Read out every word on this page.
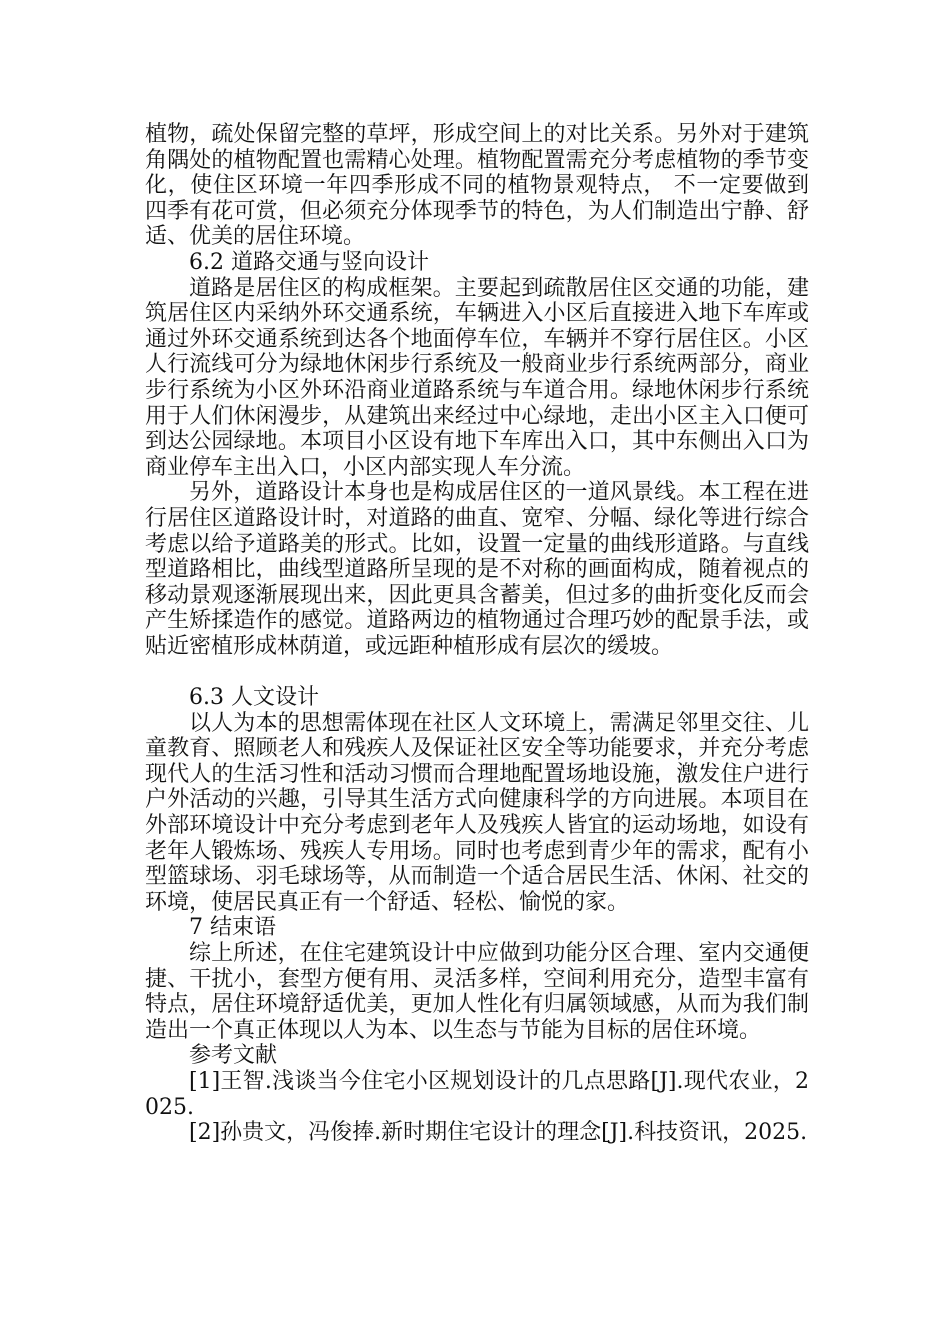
植物，疏处保留完整的草坪，形成空间上的对比关系。另外对于建筑角隅处的植物配置也需精心处理。植物配置需充分考虑植物的季节变化，使住区环境一年四季形成不同的植物景观特点， 不一定要做到四季有花可赏，但必须充分体现季节的特色，为人们制造出宁静、舒适、优美的居住环境。

6.2 道路交通与竖向设计

道路是居住区的构成框架。主要起到疏散居住区交通的功能，建筑居住区内采纳外环交通系统，车辆进入小区后直接进入地下车库或通过外环交通系统到达各个地面停车位，车辆并不穿行居住区。小区人行流线可分为绿地休闲步行系统及一般商业步行系统两部分，商业步行系统为小区外环沿商业道路系统与车道合用。绿地休闲步行系统用于人们休闲漫步，从建筑出来经过中心绿地，走出小区主入口便可到达公园绿地。本项目小区设有地下车库出入口，其中东侧出入口为商业停车主出入口，小区内部实现人车分流。

另外，道路设计本身也是构成居住区的一道风景线。本工程在进行居住区道路设计时，对道路的曲直、宽窄、分幅、绿化等进行综合考虑以给予道路美的形式。比如，设置一定量的曲线形道路。与直线型道路相比，曲线型道路所呈现的是不对称的画面构成，随着视点的移动景观逐渐展现出来，因此更具含蓄美，但过多的曲折变化反而会产生矫揉造作的感觉。道路两边的植物通过合理巧妙的配景手法，或贴近密植形成林荫道，或远距种植形成有层次的缓坡。

6.3 人文设计

以人为本的思想需体现在社区人文环境上，需满足邻里交往、儿童教育、照顾老人和残疾人及保证社区安全等功能要求，并充分考虑现代人的生活习性和活动习惯而合理地配置场地设施，激发住户进行户外活动的兴趣，引导其生活方式向健康科学的方向进展。本项目在外部环境设计中充分考虑到老年人及残疾人皆宜的运动场地，如设有老年人锻炼场、残疾人专用场。同时也考虑到青少年的需求，配有小型篮球场、羽毛球场等，从而制造一个适合居民生活、休闲、社交的环境，使居民真正有一个舒适、轻松、愉悦的家。

7 结束语

综上所述，在住宅建筑设计中应做到功能分区合理、室内交通便捷、干扰小，套型方便有用、灵活多样，空间利用充分，造型丰富有特点，居住环境舒适优美，更加人性化有归属领域感，从而为我们制造出一个真正体现以人为本、以生态与节能为目标的居住环境。

参考文献

[1]王智.浅谈当今住宅小区规划设计的几点思路[J].现代农业，2025.

[2]孙贵文，冯俊捧.新时期住宅设计的理念[J].科技资讯，2025.
